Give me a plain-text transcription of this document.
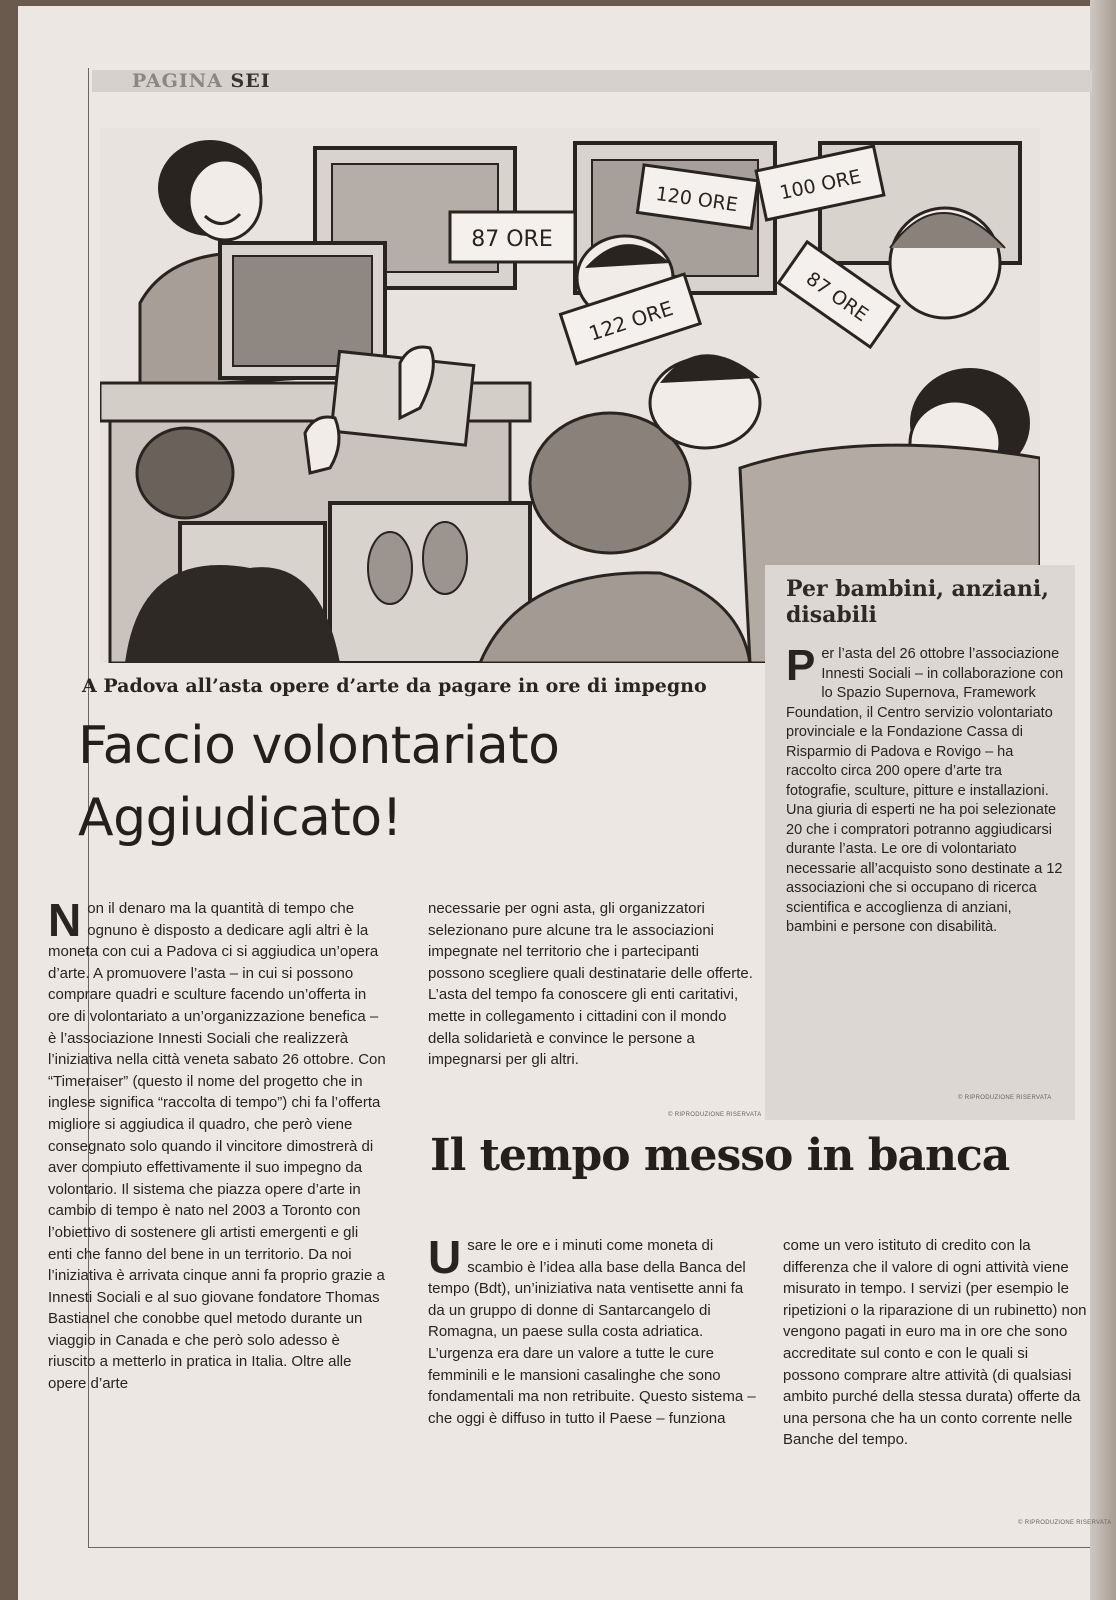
PAGINA SEI
87 ORE
120 ORE 100 ORE
122 ORE	87 ORE
Per bambini, anziani, disabili

Per l’asta del 26 ottobre l’associazione Innesti Sociali – in collaborazione con lo Spazio Supernova, Framework Foundation, il Centro servizio volontariato provinciale e la Fondazione Cassa di Risparmio di Padova e Rovigo – ha raccolto circa 200 opere d’arte tra fotografie, sculture, pitture e installazioni. Una giuria di esperti ne ha poi selezionate 20 che i compratori potranno aggiudicarsi durante l’asta. Le ore di volontariato necessarie all’acquisto sono destinate a 12 associazioni che si occupano di ricerca scientifica e accoglienza di anziani, bambini e persone con disabilità.

© RIPRODUZIONE RISERVATA
A Padova all’asta opere d’arte da pagare in ore di impegno
Faccio volontariato
Aggiudicato!

Non il denaro ma la quantità di tempo che ognuno è disposto a dedicare agli altri è la moneta con cui a Padova ci si aggiudica un’opera d’arte. A promuovere l’asta – in cui si possono comprare quadri e sculture facendo un’offerta in ore di volontariato a un’organizzazione benefica – è l’associazione Innesti Sociali che realizzerà l’iniziativa nella città veneta sabato 26 ottobre. Con “Timeraiser” (questo il nome del progetto che in inglese significa “raccolta di tempo”) chi fa l’offerta migliore si aggiudica il quadro, che però viene consegnato solo quando il vincitore dimostrerà di aver compiuto effettivamente il suo impegno da volontario. Il sistema che piazza opere d’arte in cambio di tempo è nato nel 2003 a Toronto con l’obiettivo di sostenere gli artisti emergenti e gli enti che fanno del bene in un territorio. Da noi l’iniziativa è arrivata cinque anni fa proprio grazie a Innesti Sociali e al suo giovane fondatore Thomas Bastianel che conobbe quel metodo durante un viaggio in Canada e che però solo adesso è riuscito a metterlo in pratica in Italia. Oltre alle opere d’arte

necessarie per ogni asta, gli organizzatori selezionano pure alcune tra le associazioni impegnate nel territorio che i partecipanti possono scegliere quali destinatarie delle offerte. L’asta del tempo fa conoscere gli enti caritativi, mette in collegamento i cittadini con il mondo della solidarietà e convince le persone a impegnarsi per gli altri.

© RIPRODUZIONE RISERVATA
Il tempo messo in banca

Usare le ore e i minuti come moneta di scambio è l’idea alla base della Banca del tempo (Bdt), un’iniziativa nata ventisette anni fa da un gruppo di donne di Santarcangelo di Romagna, un paese sulla costa adriatica. L’urgenza era dare un valore a tutte le cure femminili e le mansioni casalinghe che sono fondamentali ma non retribuite. Questo sistema – che oggi è diffuso in tutto il Paese – funziona

come un vero istituto di credito con la differenza che il valore di ogni attività viene misurato in tempo. I servizi (per esempio le ripetizioni o la riparazione di un rubinetto) non vengono pagati in euro ma in ore che sono accreditate sul conto e con le quali si possono comprare altre attività (di qualsiasi ambito purché della stessa durata) offerte da una persona che ha un conto corrente nelle Banche del tempo.

© RIPRODUZIONE RISERVATA
